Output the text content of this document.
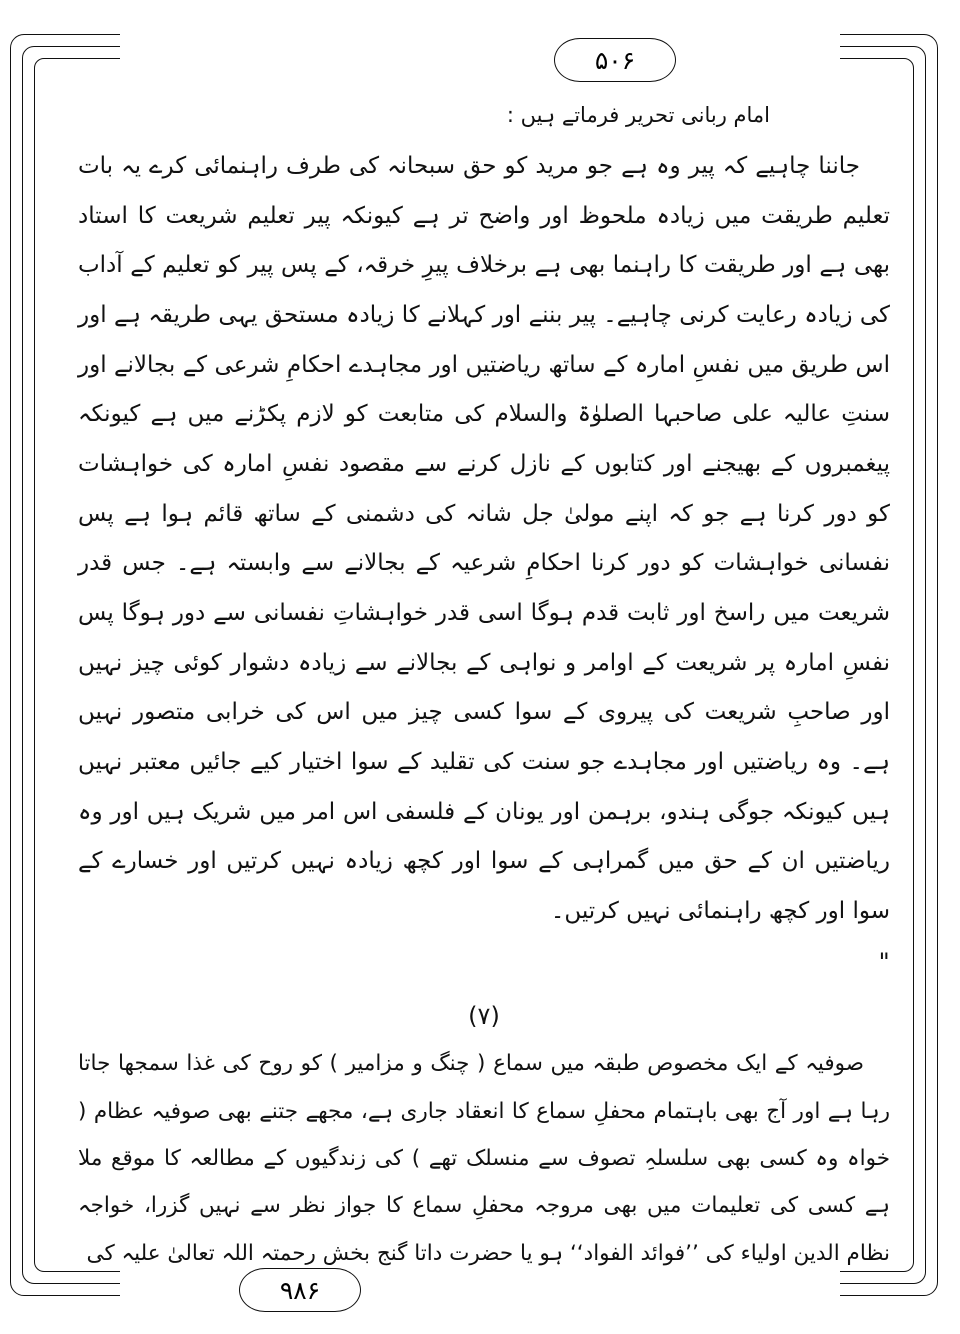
۵۰۶

امام ربانی تحریر فرماتے ہیں :

جاننا چاہیے کہ پیر وہ ہے جو مرید کو حق سبحانہ کی طرف راہنمائی کرے یہ بات تعلیم طریقت میں زیادہ ملحوظ اور واضح تر ہے کیونکہ پیر تعلیم شریعت کا استاد بھی ہے اور طریقت کا راہنما بھی ہے برخلاف پیرِ خرقہ، کے پس پیر کو تعلیم کے آداب کی زیادہ رعایت کرنی چاہیے۔ پیر بننے اور کہلانے کا زیادہ مستحق یہی طریقہ ہے اور اس طریق میں نفسِ امارہ کے ساتھ ریاضتیں اور مجاہدے احکامِ شرعی کے بجالانے اور سنتِ عالیہ علی صاحبہا الصلوٰۃ والسلام کی متابعت کو لازم پکڑنے میں ہے کیونکہ پیغمبروں کے بھیجنے اور کتابوں کے نازل کرنے سے مقصود نفسِ امارہ کی خواہشات کو دور کرنا ہے جو کہ اپنے مولیٰ جل شانہ کی دشمنی کے ساتھ قائم ہوا ہے پس نفسانی خواہشات کو دور کرنا احکامِ شرعیہ کے بجالانے سے وابستہ ہے۔ جس قدر شریعت میں راسخ اور ثابت قدم ہوگا اسی قدر خواہشاتِ نفسانی سے دور ہوگا پس نفسِ امارہ پر شریعت کے اوامر و نواہی کے بجالانے سے زیادہ دشوار کوئی چیز نہیں اور صاحبِ شریعت کی پیروی کے سوا کسی چیز میں اس کی خرابی متصور نہیں ہے۔ وہ ریاضتیں اور مجاہدے جو سنت کی تقلید کے سوا اختیار کیے جائیں معتبر نہیں ہیں کیونکہ جوگی ہندو، برہمن اور یونان کے فلسفی اس امر میں شریک ہیں اور وہ ریاضتیں ان کے حق میں گمراہی کے سوا اور کچھ زیادہ نہیں کرتیں اور خسارے کے سوا اور کچھ راہنمائی نہیں کرتیں۔

"

(۷)

صوفیہ کے ایک مخصوص طبقہ میں سماع ( چنگ و مزامیر ) کو روح کی غذا سمجھا جاتا رہا ہے اور آج بھی باہتمام محفلِ سماع کا انعقاد جاری ہے، مجھے جتنے بھی صوفیہ عظام ( خواہ وہ کسی بھی سلسلہِ تصوف سے منسلک تھے ) کی زندگیوں کے مطالعہ کا موقع ملا ہے کسی کی تعلیمات میں بھی مروجہ محفلِ سماع کا جواز نظر سے نہیں گزرا، خواجہ نظام الدین اولیاء کی ’’فوائد الفواد‘‘ ہو یا حضرت داتا گنج بخش رحمتہ اللہ تعالیٰ علیہ کی

۹۸۶
